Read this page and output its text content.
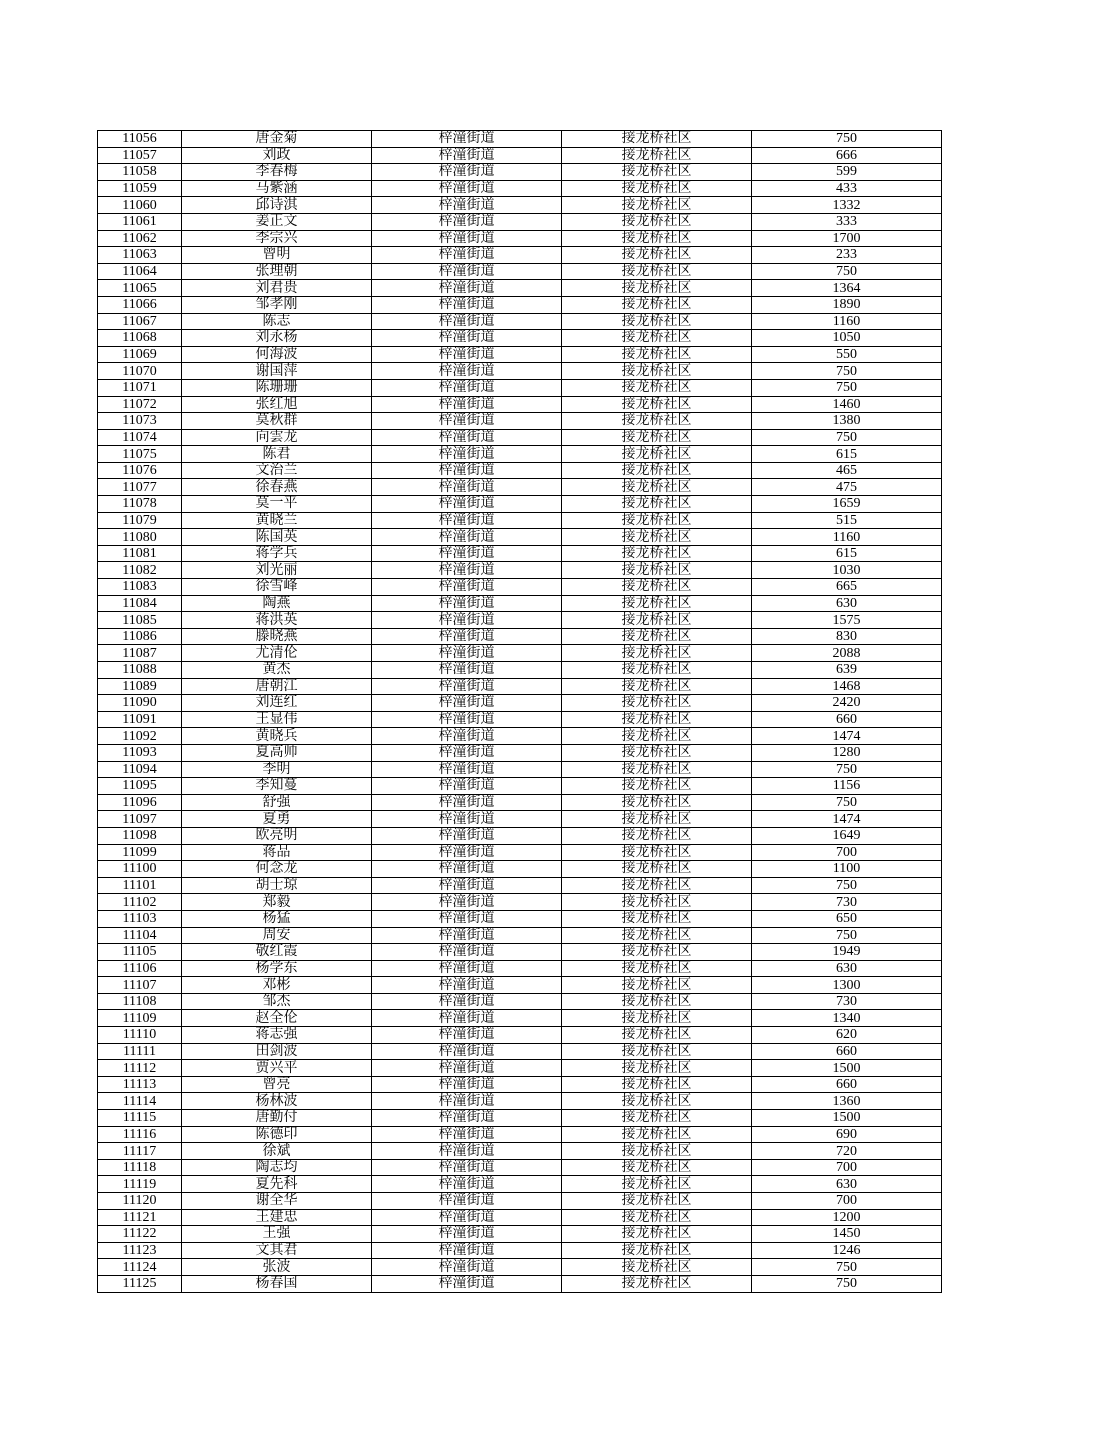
11056	唐金菊	梓潼街道	接龙桥社区	750
11057	刘政	梓潼街道	接龙桥社区	666
11058	李春梅	梓潼街道	接龙桥社区	599
11059	马紫涵	梓潼街道	接龙桥社区	433
11060	邱诗淇	梓潼街道	接龙桥社区	1332
11061	姜正文	梓潼街道	接龙桥社区	333
11062	李宗兴	梓潼街道	接龙桥社区	1700
11063	曾明	梓潼街道	接龙桥社区	233
11064	张理朝	梓潼街道	接龙桥社区	750
11065	刘君贵	梓潼街道	接龙桥社区	1364
11066	邹孝刚	梓潼街道	接龙桥社区	1890
11067	陈志	梓潼街道	接龙桥社区	1160
11068	刘永杨	梓潼街道	接龙桥社区	1050
11069	何海波	梓潼街道	接龙桥社区	550
11070	谢国萍	梓潼街道	接龙桥社区	750
11071	陈珊珊	梓潼街道	接龙桥社区	750
11072	张红旭	梓潼街道	接龙桥社区	1460
11073	莫秋群	梓潼街道	接龙桥社区	1380
11074	向雲龙	梓潼街道	接龙桥社区	750
11075	陈君	梓潼街道	接龙桥社区	615
11076	文治兰	梓潼街道	接龙桥社区	465
11077	徐春燕	梓潼街道	接龙桥社区	475
11078	莫一平	梓潼街道	接龙桥社区	1659
11079	黄晓兰	梓潼街道	接龙桥社区	515
11080	陈国英	梓潼街道	接龙桥社区	1160
11081	蒋学兵	梓潼街道	接龙桥社区	615
11082	刘光丽	梓潼街道	接龙桥社区	1030
11083	徐雪峰	梓潼街道	接龙桥社区	665
11084	陶燕	梓潼街道	接龙桥社区	630
11085	蒋洪英	梓潼街道	接龙桥社区	1575
11086	滕晓燕	梓潼街道	接龙桥社区	830
11087	尤清伦	梓潼街道	接龙桥社区	2088
11088	黄杰	梓潼街道	接龙桥社区	639
11089	唐朝江	梓潼街道	接龙桥社区	1468
11090	刘连红	梓潼街道	接龙桥社区	2420
11091	王显伟	梓潼街道	接龙桥社区	660
11092	黄晓兵	梓潼街道	接龙桥社区	1474
11093	夏高帅	梓潼街道	接龙桥社区	1280
11094	李明	梓潼街道	接龙桥社区	750
11095	李知蔓	梓潼街道	接龙桥社区	1156
11096	舒强	梓潼街道	接龙桥社区	750
11097	夏勇	梓潼街道	接龙桥社区	1474
11098	欧亮明	梓潼街道	接龙桥社区	1649
11099	蒋品	梓潼街道	接龙桥社区	700
11100	何念龙	梓潼街道	接龙桥社区	1100
11101	胡士琼	梓潼街道	接龙桥社区	750
11102	郑毅	梓潼街道	接龙桥社区	730
11103	杨猛	梓潼街道	接龙桥社区	650
11104	周安	梓潼街道	接龙桥社区	750
11105	敬红霞	梓潼街道	接龙桥社区	1949
11106	杨学东	梓潼街道	接龙桥社区	630
11107	邓彬	梓潼街道	接龙桥社区	1300
11108	邹杰	梓潼街道	接龙桥社区	730
11109	赵全伦	梓潼街道	接龙桥社区	1340
11110	蒋志强	梓潼街道	接龙桥社区	620
11111	田剑波	梓潼街道	接龙桥社区	660
11112	贾兴平	梓潼街道	接龙桥社区	1500
11113	曾亮	梓潼街道	接龙桥社区	660
11114	杨林波	梓潼街道	接龙桥社区	1360
11115	唐勤付	梓潼街道	接龙桥社区	1500
11116	陈德印	梓潼街道	接龙桥社区	690
11117	徐斌	梓潼街道	接龙桥社区	720
11118	陶志均	梓潼街道	接龙桥社区	700
11119	夏先科	梓潼街道	接龙桥社区	630
11120	谢全华	梓潼街道	接龙桥社区	700
11121	王建忠	梓潼街道	接龙桥社区	1200
11122	王强	梓潼街道	接龙桥社区	1450
11123	文其君	梓潼街道	接龙桥社区	1246
11124	张波	梓潼街道	接龙桥社区	750
11125	杨春国	梓潼街道	接龙桥社区	750
